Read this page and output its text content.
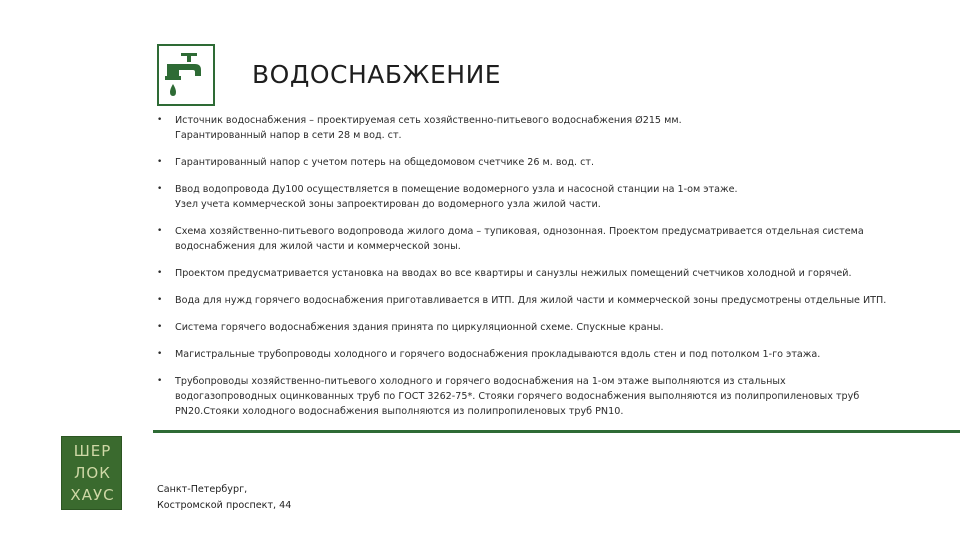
ВОДОСНАБЖЕНИЕ
• Источник водоснабжения – проектируемая сеть хозяйственно-питьевого водоснабжения Ø215 мм.
Гарантированный напор в сети 28 м вод. ст.
• Гарантированный напор с учетом потерь на общедомовом счетчике 26 м. вод. ст.
• Ввод водопровода Ду100 осуществляется в помещение водомерного узла и насосной станции на 1-ом этаже.
Узел учета коммерческой зоны запроектирован до водомерного узла жилой части.
• Схема хозяйственно-питьевого водопровода жилого дома – тупиковая, однозонная. Проектом предусматривается отдельная система
водоснабжения для жилой части и коммерческой зоны.
• Проектом предусматривается установка на вводах во все квартиры и санузлы нежилых помещений счетчиков холодной и горячей.
• Вода для нужд горячего водоснабжения приготавливается в ИТП. Для жилой части и коммерческой зоны предусмотрены отдельные ИТП.
• Система горячего водоснабжения здания принята по циркуляционной схеме. Спускные краны.
• Магистральные трубопроводы холодного и горячего водоснабжения прокладываются вдоль стен и под потолком 1-го этажа.
• Трубопроводы хозяйственно-питьевого холодного и горячего водоснабжения на 1-ом этаже выполняются из стальных
водогазопроводных оцинкованных труб по ГОСТ 3262-75*. Стояки горячего водоснабжения выполняются из полипропиленовых труб
PN20.Стояки холодного водоснабжения выполняются из полипропиленовых труб PN10.
ШЕР
ЛОК
ХАУС	Санкт-Петербург,
Костромской проспект, 44
